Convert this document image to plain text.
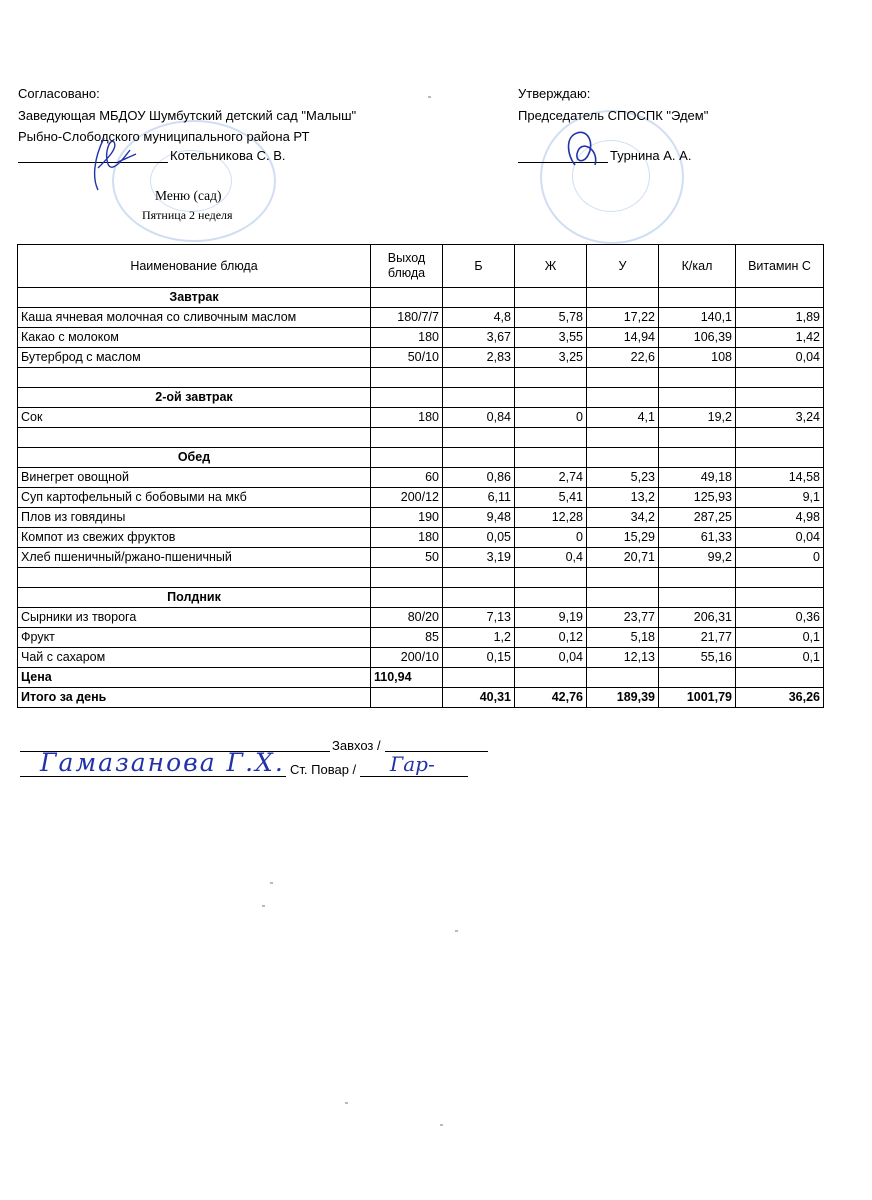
Согласовано:
Заведующая МБДОУ Шумбутский детский сад "Малыш"
Рыбно-Слободского муниципального района РТ
Котельникова С. В.
Утверждаю:
Председатель СПОСПК "Эдем"
Турнина А. А.
Меню (сад)
Пятница 2 неделя
Наименование блюда	Выход блюда	Б	Ж	У	К/кал	Витамин С
Завтрак						
Каша ячневая молочная со сливочным маслом	180/7/7	4,8	5,78	17,22	140,1	1,89
Какао с молоком	180	3,67	3,55	14,94	106,39	1,42
Бутерброд с маслом	50/10	2,83	3,25	22,6	108	0,04

2-ой завтрак						
Сок	180	0,84	0	4,1	19,2	3,24

Обед						
Винегрет овощной	60	0,86	2,74	5,23	49,18	14,58
Суп картофельный с бобовыми на мкб	200/12	6,11	5,41	13,2	125,93	9,1
Плов из говядины	190	9,48	12,28	34,2	287,25	4,98
Компот из свежих фруктов	180	0,05	0	15,29	61,33	0,04
Хлеб пшеничный/ржано-пшеничный	50	3,19	0,4	20,71	99,2	0

Полдник						
Сырники из творога	80/20	7,13	9,19	23,77	206,31	0,36
Фрукт	85	1,2	0,12	5,18	21,77	0,1
Чай с сахаром	200/10	0,15	0,04	12,13	55,16	0,1
Цена	110,94					
Итого за день		40,31	42,76	189,39	1001,79	36,26
Завхоз /
Гамазанова Г.Х. Ст. Повар / Гар-
